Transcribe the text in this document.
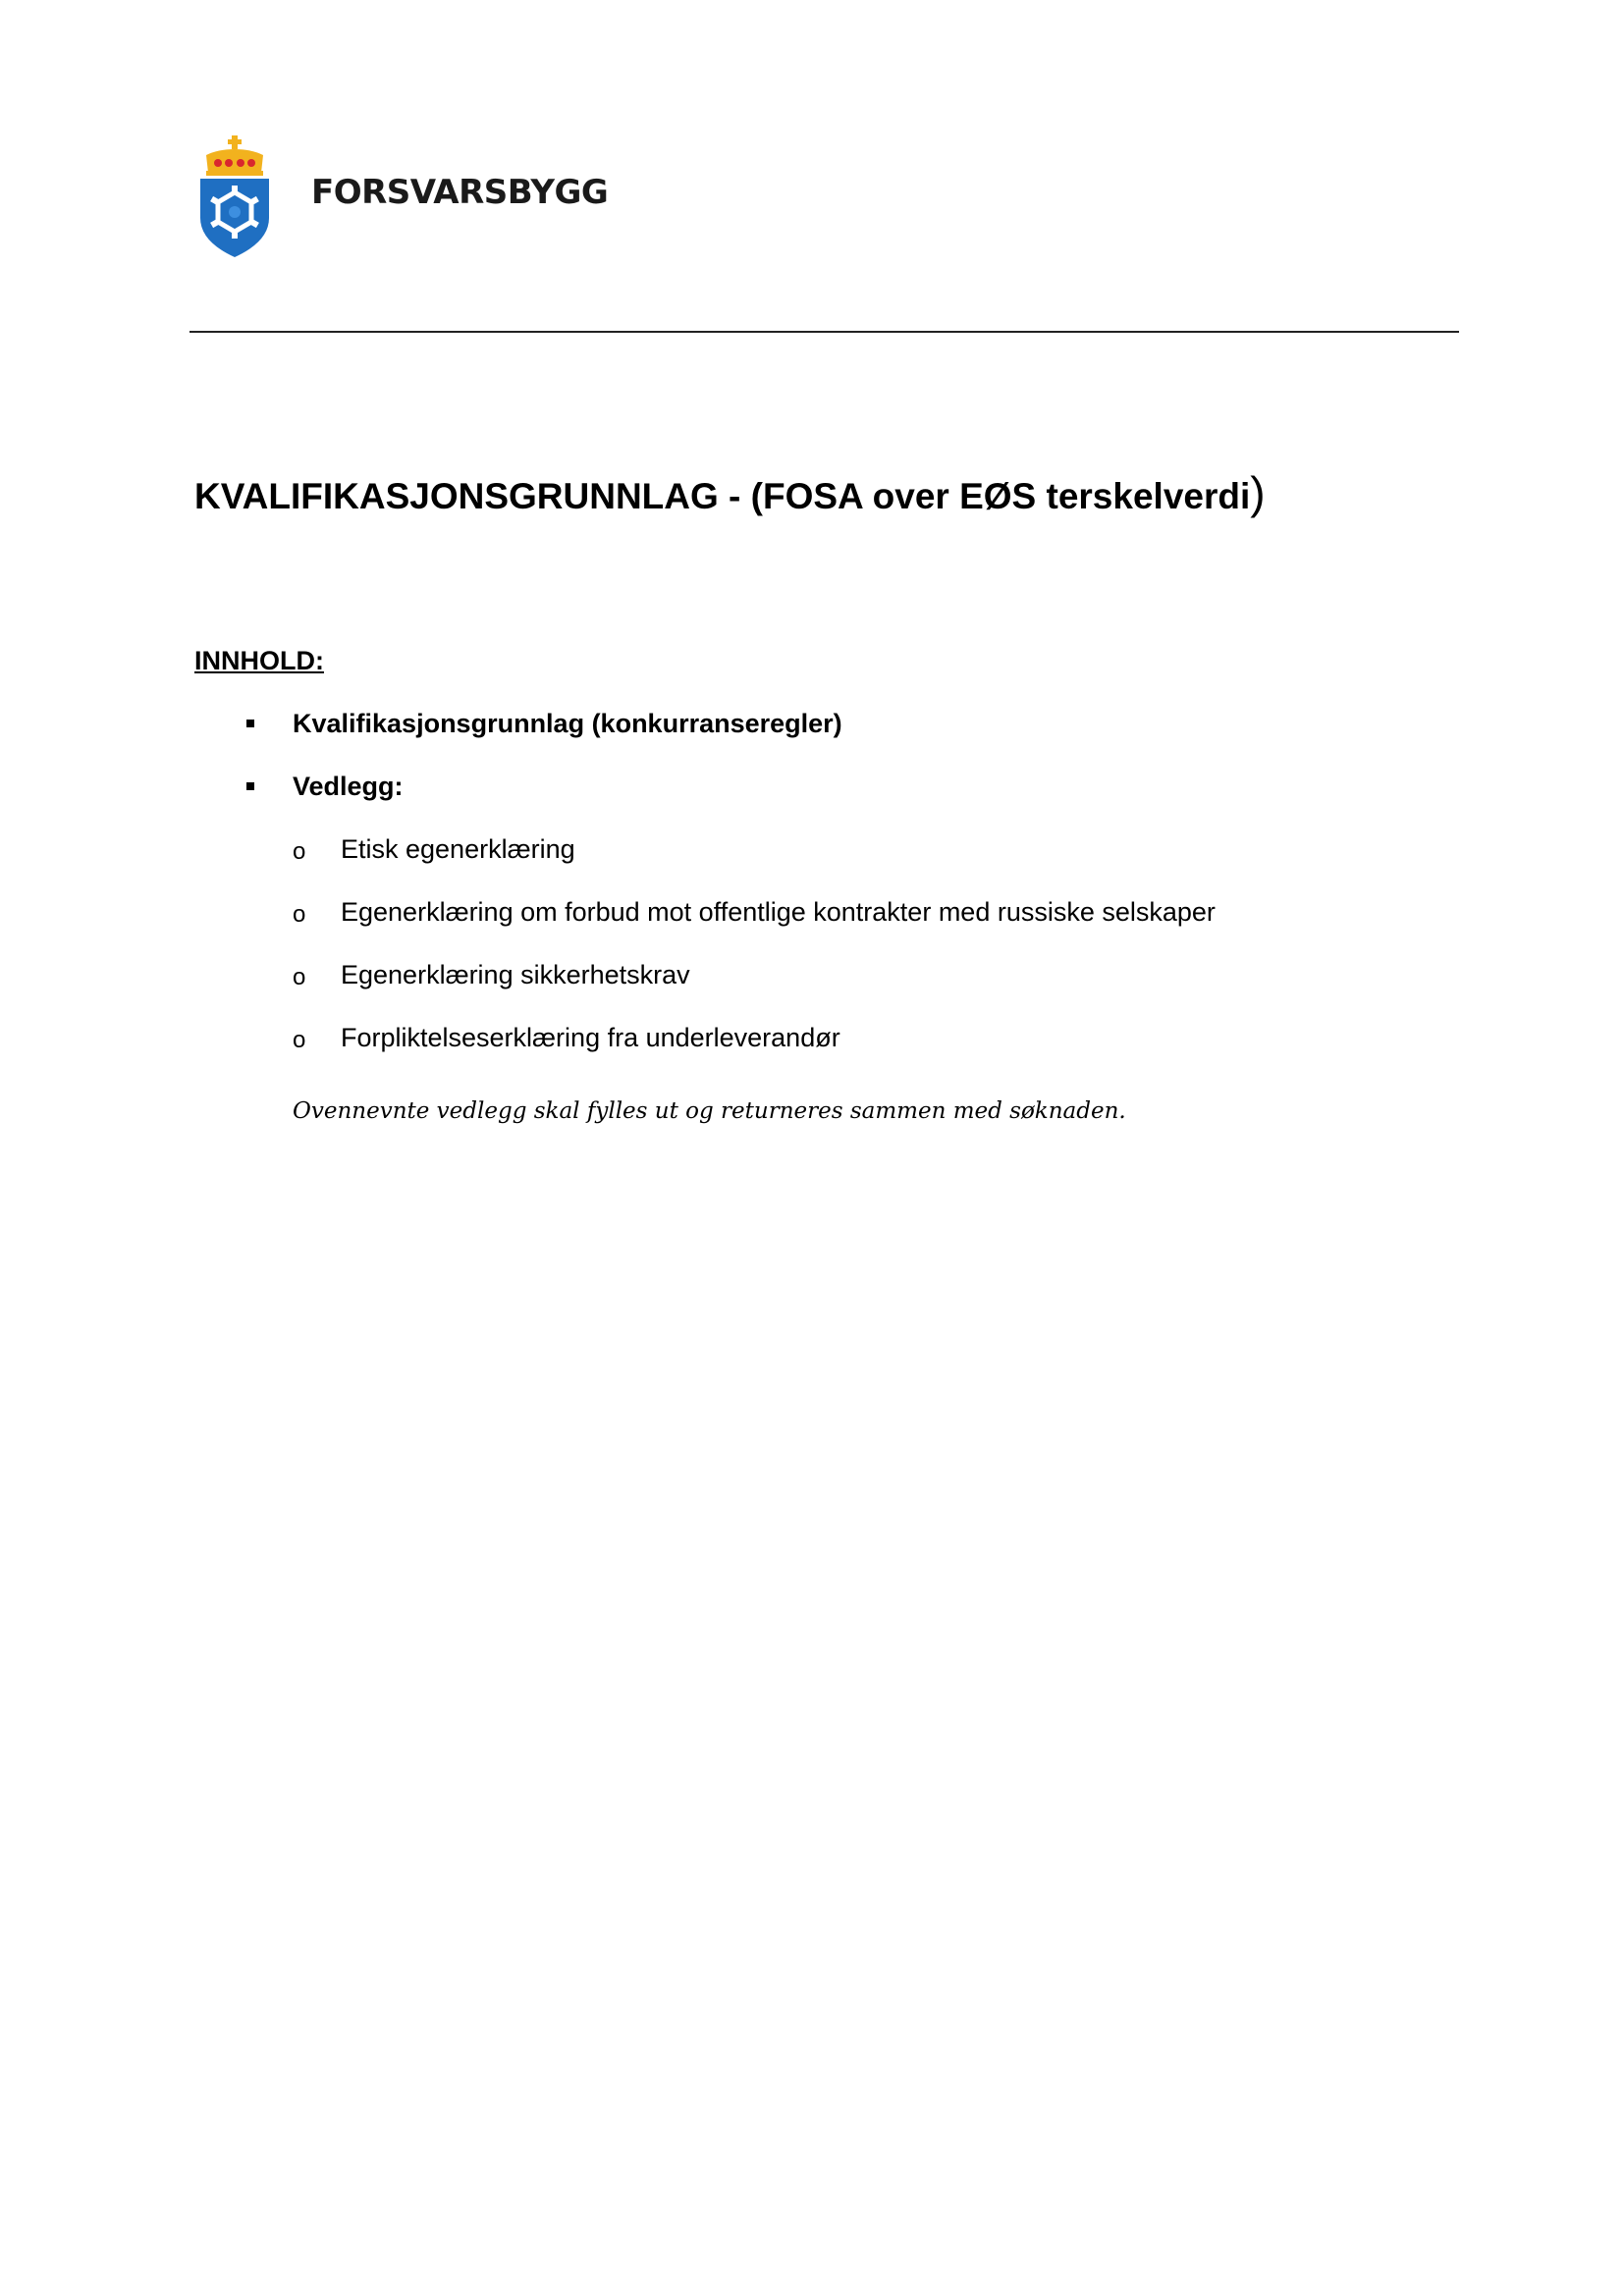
FORSVARSBYGG
KVALIFIKASJONSGRUNNLAG - (FOSA over EØS terskelverdi)
INNHOLD:
Kvalifikasjonsgrunnlag (konkurranseregler)
Vedlegg:
o Etisk egenerklæring
o Egenerklæring om forbud mot offentlige kontrakter med russiske selskaper
o Egenerklæring sikkerhetskrav
o Forpliktelseserklæring fra underleverandør
Ovennevnte vedlegg skal fylles ut og returneres sammen med søknaden.
